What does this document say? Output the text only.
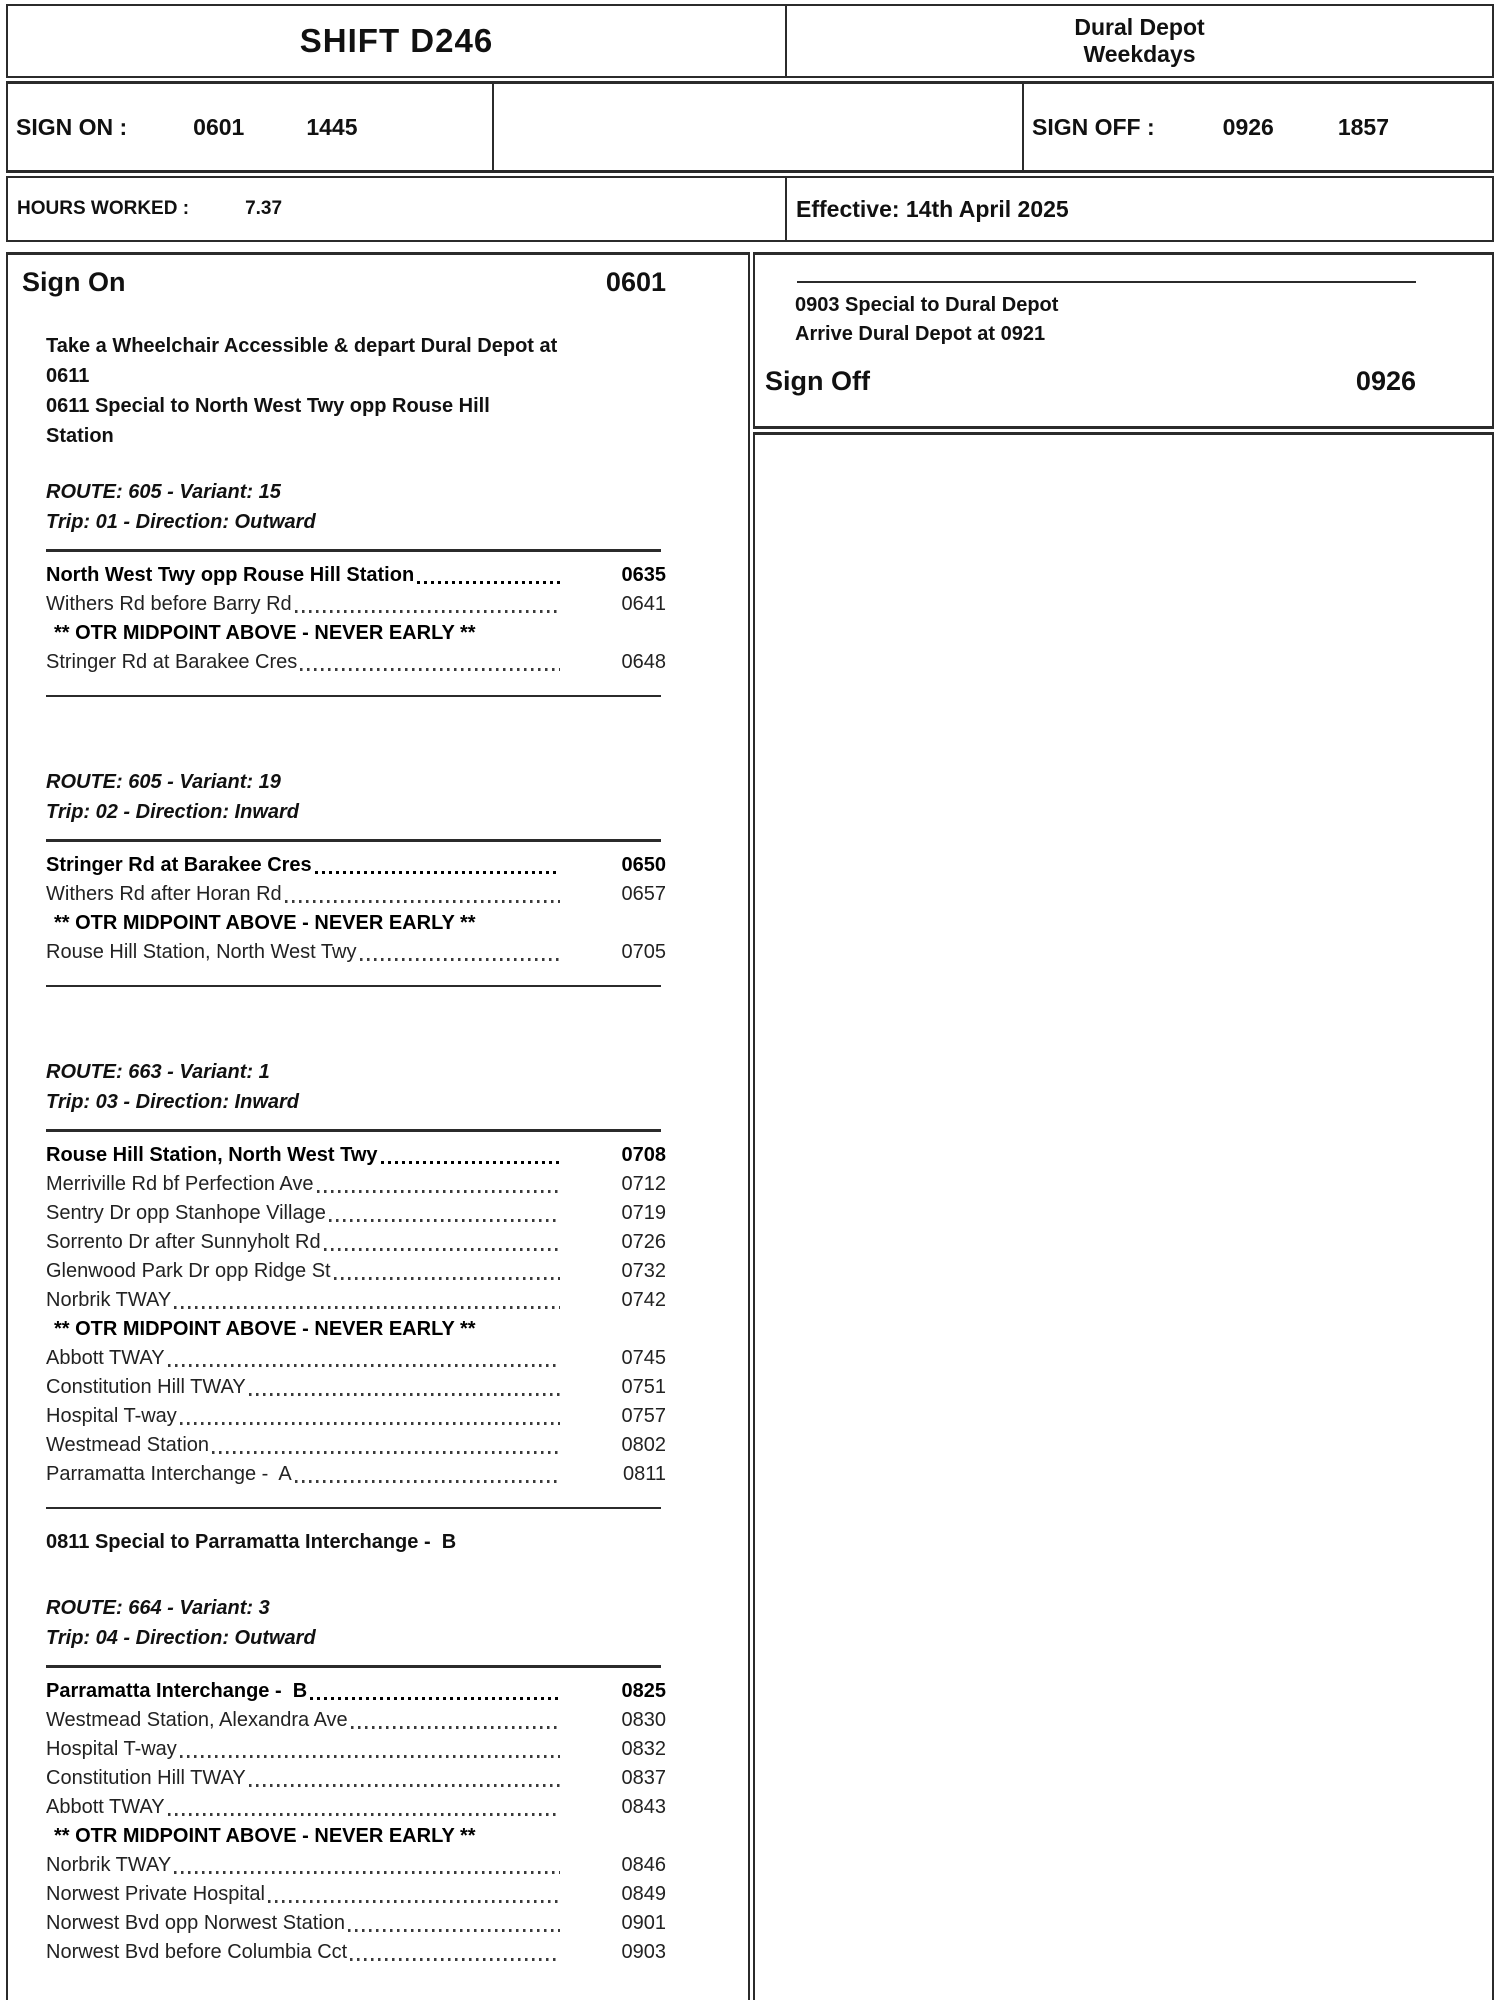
SHIFT D246	Dural Depot
Weekdays
SIGN ON :	0601	1445	SIGN OFF :	0926	1857
HOURS WORKED :	7.37	Effective: 14th April 2025
Sign On	0601

Take a Wheelchair Accessible & depart Dural Depot at
0611

0611 Special to North West Twy opp Rouse Hill
Station

ROUTE: 605 - Variant: 15

Trip: 01 - Direction: Outward

North West Twy opp Rouse Hill Station	0635
Withers Rd before Barry Rd	0641
** OTR MIDPOINT ABOVE - NEVER EARLY **
Stringer Rd at Barakee Cres	0648

ROUTE: 605 - Variant: 19

Trip: 02 - Direction: Inward

Stringer Rd at Barakee Cres	0650
Withers Rd after Horan Rd	0657
** OTR MIDPOINT ABOVE - NEVER EARLY **
Rouse Hill Station, North West Twy	0705

ROUTE: 663 - Variant: 1

Trip: 03 - Direction: Inward

Rouse Hill Station, North West Twy	0708
Merriville Rd bf Perfection Ave	0712
Sentry Dr opp Stanhope Village	0719
Sorrento Dr after Sunnyholt Rd	0726
Glenwood Park Dr opp Ridge St	0732
Norbrik TWAY	0742
** OTR MIDPOINT ABOVE - NEVER EARLY **
Abbott TWAY	0745
Constitution Hill TWAY	0751
Hospital T-way	0757
Westmead Station	0802
Parramatta Interchange -  A	0811

0811 Special to Parramatta Interchange -  B

ROUTE: 664 - Variant: 3

Trip: 04 - Direction: Outward

Parramatta Interchange -  B	0825
Westmead Station, Alexandra Ave	0830
Hospital T-way	0832
Constitution Hill TWAY	0837
Abbott TWAY	0843
** OTR MIDPOINT ABOVE - NEVER EARLY **
Norbrik TWAY	0846
Norwest Private Hospital	0849
Norwest Bvd opp Norwest Station	0901
Norwest Bvd before Columbia Cct	0903

0903 Special to Dural Depot

Arrive Dural Depot at 0921

Sign Off	0926
